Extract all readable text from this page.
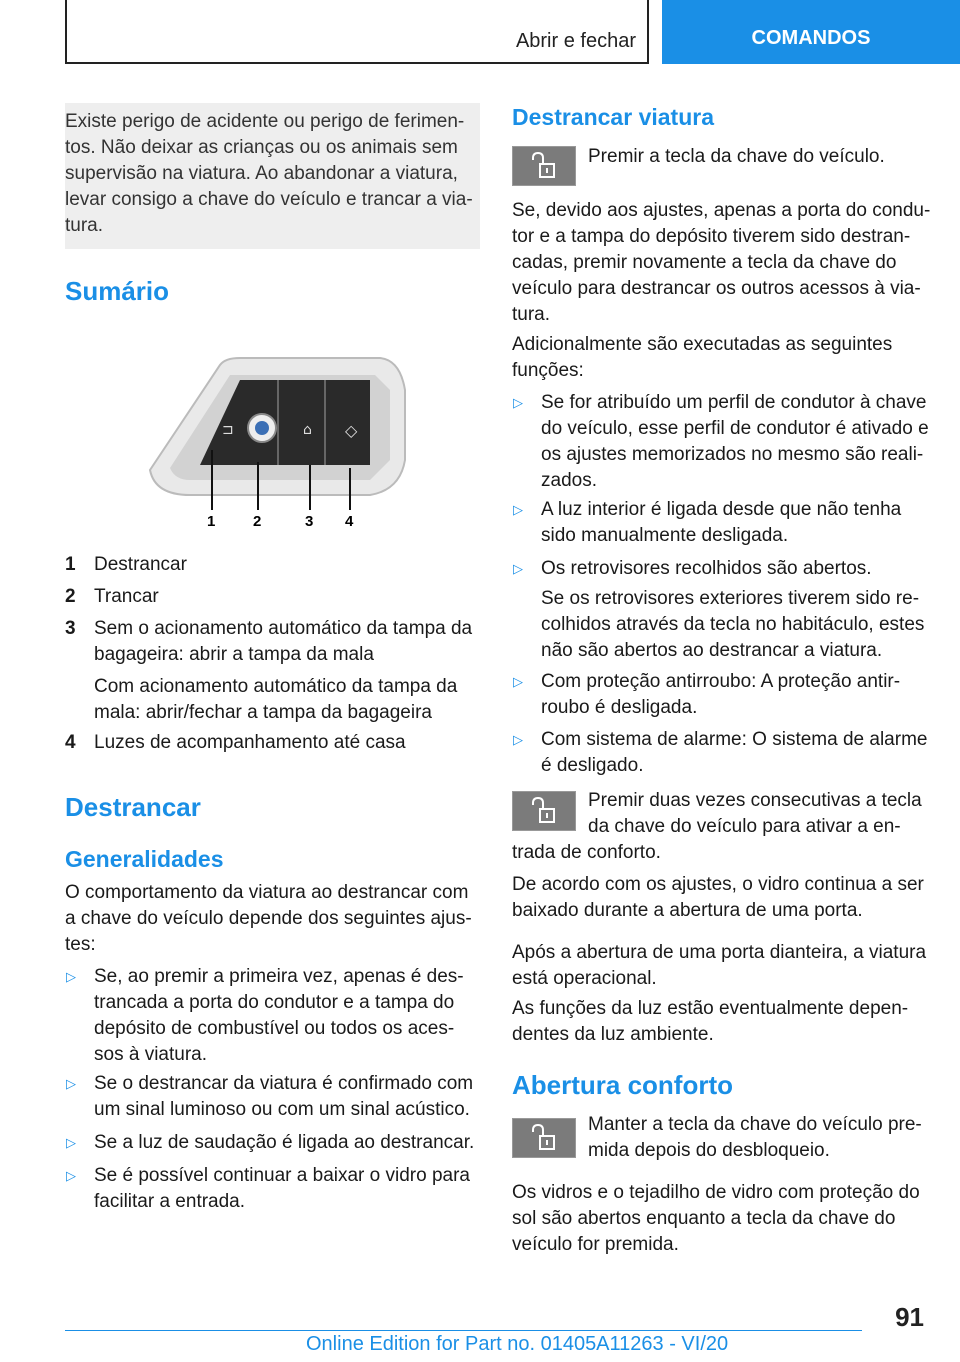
Abrir e fechar	COMANDOS

Existe perigo de acidente ou perigo de ferimen- tos. Não deixar as crianças ou os animais sem supervisão na viatura. Ao abandonar a viatura, levar consigo a chave do veículo e trancar a via- tura.

Sumário
⊐	⌂ ◇
1	2	3 4
1 Destrancar

2 Trancar

3 Sem o acionamento automático da tampa da bagageira: abrir a tampa da mala

Com acionamento automático da tampa da mala: abrir/fechar a tampa da bagageira

4 Luzes de acompanhamento até casa

Destrancar
Generalidades

O comportamento da viatura ao destrancar com a chave do veículo depende dos seguintes ajus- tes:

▷ Se, ao premir a primeira vez, apenas é des- trancada a porta do condutor e a tampa do depósito de combustível ou todos os aces- sos à viatura.

▷ Se o destrancar da viatura é confirmado com um sinal luminoso ou com um sinal acústico.

▷ Se a luz de saudação é ligada ao destrancar.

▷ Se é possível continuar a baixar o vidro para facilitar a entrada.

Destrancar viatura

Premir a tecla da chave do veículo.

Se, devido aos ajustes, apenas a porta do condu- tor e a tampa do depósito tiverem sido destran- cadas, premir novamente a tecla da chave do veículo para destrancar os outros acessos à via- tura.

Adicionalmente são executadas as seguintes funções:

▷ Se for atribuído um perfil de condutor à chave do veículo, esse perfil de condutor é ativado e os ajustes memorizados no mesmo são reali- zados.

▷ A luz interior é ligada desde que não tenha sido manualmente desligada.

▷ Os retrovisores recolhidos são abertos.

Se os retrovisores exteriores tiverem sido re- colhidos através da tecla no habitáculo, estes não são abertos ao destrancar a viatura.

▷ Com proteção antirroubo: A proteção antir- roubo é desligada.

▷ Com sistema de alarme: O sistema de alarme é desligado.

Premir duas vezes consecutivas a tecla da chave do veículo para ativar a en-

trada de conforto.

De acordo com os ajustes, o vidro continua a ser baixado durante a abertura de uma porta.

Após a abertura de uma porta dianteira, a viatura está operacional.

As funções da luz estão eventualmente depen- dentes da luz ambiente.

Abertura conforto

Manter a tecla da chave do veículo pre- mida depois do desbloqueio.

Os vidros e o tejadilho de vidro com proteção do sol são abertos enquanto a tecla da chave do veículo for premida.

91
Online Edition for Part no. 01405A11263 - VI/20
